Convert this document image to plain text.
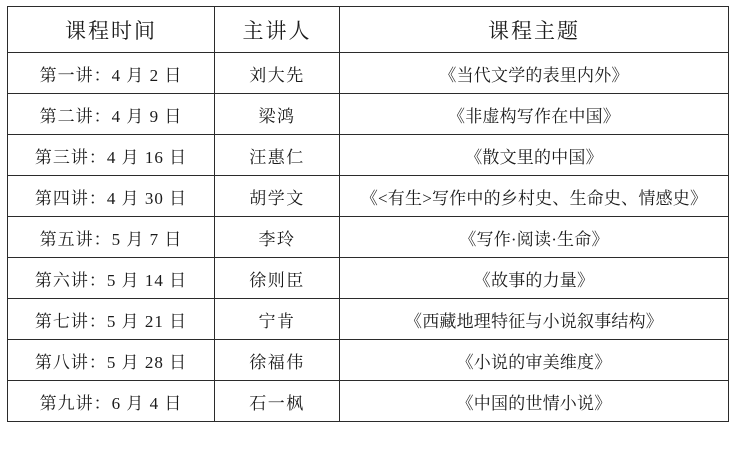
课程时间	主讲人	课程主题
第一讲：4 月 2 日	刘大先	《当代文学的表里内外》
第二讲：4 月 9 日	梁鸿	《非虚构写作在中国》
第三讲：4 月 16 日	汪惠仁	《散文里的中国》
第四讲：4 月 30 日	胡学文	《<有生>写作中的乡村史、生命史、情感史》
第五讲：5 月 7 日	李玲	《写作·阅读·生命》
第六讲：5 月 14 日	徐则臣	《故事的力量》
第七讲：5 月 21 日	宁肯	《西藏地理特征与小说叙事结构》
第八讲：5 月 28 日	徐福伟	《小说的审美维度》
第九讲：6 月 4 日	石一枫	《中国的世情小说》
